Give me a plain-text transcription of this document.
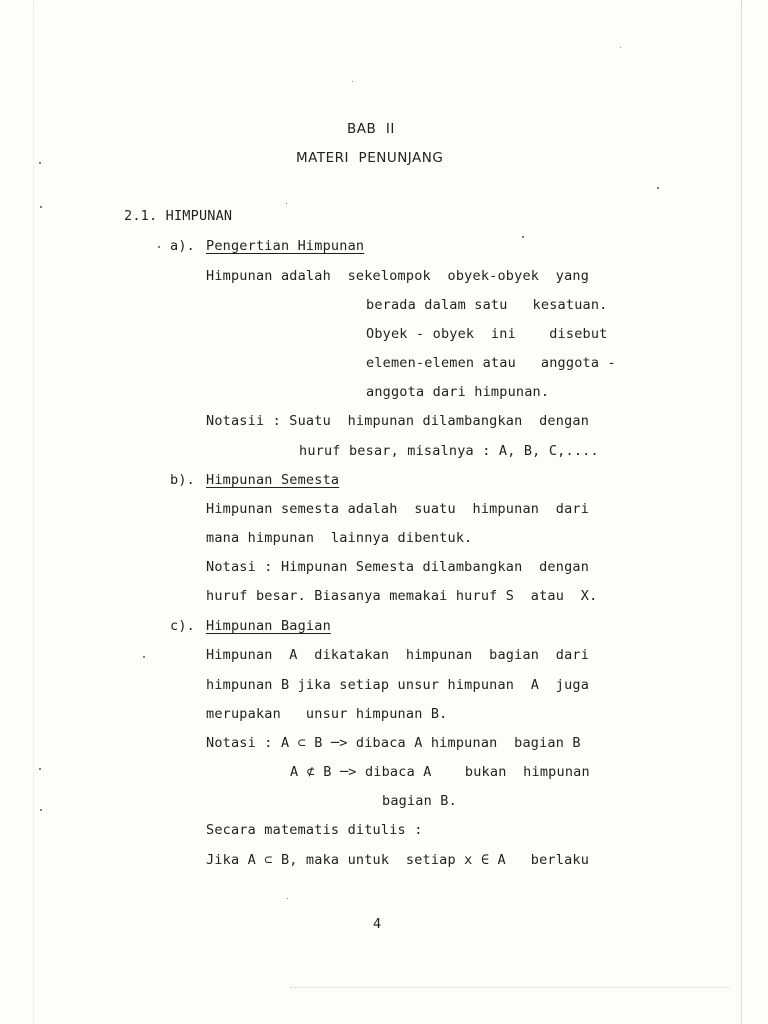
BAB  II
MATERI  PENUNJANG
2.1. HIMPUNAN
a). Pengertian Himpunan
Himpunan adalah  sekelompok  obyek-obyek  yang
berada dalam satu   kesatuan.
Obyek - obyek  ini    disebut
elemen-elemen atau   anggota -
anggota dari himpunan.
Notasii : Suatu  himpunan dilambangkan  dengan
huruf besar, misalnya : A, B, C,....
b). Himpunan Semesta
Himpunan semesta adalah  suatu  himpunan  dari
mana himpunan  lainnya dibentuk.
Notasi : Himpunan Semesta dilambangkan  dengan
huruf besar. Biasanya memakai huruf S  atau  X.
c). Himpunan Bagian
Himpunan  A  dikatakan  himpunan  bagian  dari
himpunan B jika setiap unsur himpunan  A  juga
merupakan   unsur himpunan B.
Notasi : A ⊂ B ─> dibaca A himpunan  bagian B
A ⊄ B ─> dibaca A    bukan  himpunan
bagian B.
Secara matematis ditulis :
Jika A ⊂ B, maka untuk  setiap x ∈ A   berlaku
4
